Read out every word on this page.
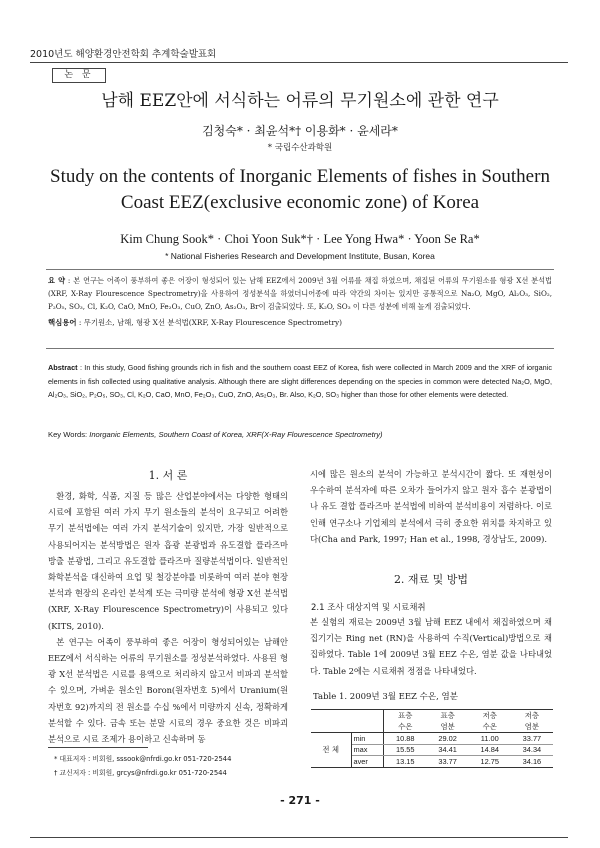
2010년도 해양환경안전학회 추계학술발표회
논 문
남해 EEZ안에 서식하는 어류의 무기원소에 관한 연구
김청숙* · 최윤석*† 이용화* · 윤세라*
* 국립수산과학원
Study on the contents of Inorganic Elements of fishes in Southern
Coast EEZ(exclusive economic zone) of Korea
Kim Chung Sook* · Choi Yoon Suk*† · Lee Yong Hwa* · Yoon Se Ra*
* National Fisheries Research and Development Institute, Busan, Korea
요 약 : 본 연구는 어족이 풍부하여 좋은 어장이 형성되어 있는 남해 EEZ에서 2009년 3월 어류를 채집 하였으며, 채집된 어류의 무기원소를 형광 X선 분석법(XRF, X-Ray Flourescence Spectrometry)을 사용하여 정성분석을 하였더니어종에 따라 약간의 차이는 있지만 공통적으로 Na₂O, MgO, Al₂O₃, SiO₂, P₂O₅, SO₃, Cl, K₂O, CaO, MnO, Fe₂O₃, CuO, ZnO, As₂O₃, Br이 검출되었다. 또, K₂O, SO₃ 이 다른 성분에 비해 높게 검출되었다.
핵심용어 : 무기원소, 남해, 형광 X선 분석법(XRF, X-Ray Flourescence Spectrometry)
Abstract : In this study, Good fishing grounds rich in fish and the southern coast EEZ of Korea, fish were collected in March 2009 and the XRF of iorganic elements in fish collected using qualitative analysis. Although there are slight differences depending on the species in common were detected Na₂O, MgO, Al₂O₃, SiO₂, P₂O₅, SO₃, Cl, K₂O, CaO, MnO, Fe₂O₃, CuO, ZnO, As₂O₃, Br. Also, K₂O, SO₃ higher than those for other elements were detected.
Key Words: Inorganic Elements, Southern Coast of Korea, XRF(X-Ray Flourescence Spectrometry)
1. 서 론

환경, 화학, 식품, 지질 등 많은 산업분야에서는 다양한 형태의 시료에 포함된 여러 가지 무기 원소들의 분석이 요구되고 어려한 무기 분석법에는 여러 가지 분석기술이 있지만, 가장 일반적으로 사용되어지는 분석방법은 원자 흡광 분광법과 유도결합 플라즈마 방출 분광법, 그리고 유도결합 플라즈마 질량분석법이다. 일반적인 화학분석을 대신하여 요업 및 철강분야를 비롯하여 여러 분야 현장분석과 현장의 온라인 분석계 또는 극미량 분석에 형광 X선 분석법(XRF, X-Ray Flourescence Spectrometry)이 사용되고 있다(KITS, 2010).

본 연구는 어족이 풍부하여 좋은 어장이 형성되어있는 남해안 EEZ에서 서식하는 어류의 무기원소를 정성분석하였다. 사용된 형광 X선 분석법은 시료를 용액으로 처리하지 않고서 비파괴 분석할 수 있으며, 가벼운 원소인 Boron(원자번호 5)에서 Uranium(원자번호 92)까지의 전 원소를 수십 %에서 미량까지 신속, 정확하게 분석할 수 있다. 금속 또는 분말 시료의 경우 중요한 것은 비파괴 분석으로 시료 조제가 용이하고 신속하며 동

* 대표저자 : 비회원, sssook@nfrdi.go.kr 051-720-2544
† 교신저자 : 비회원, grcys@nfrdi.go.kr 051-720-2544
시에 많은 원소의 분석이 가능하고 분석시간이 짧다. 또 재현성이 우수하여 분석자에 따른 오차가 들어가지 않고 원자 흡수 분광법이나 유도 결합 플라즈마 분석법에 비하여 분석비용이 저렴하다. 이로 인해 연구소나 기업체의 분석에서 극히 중요한 위치를 차지하고 있다(Cha and Park, 1997; Han et al., 1998, 경상남도, 2009).
2. 재료 및 방법
2.1 조사 대상지역 및 시료채취
본 실험의 재료는 2009년 3월 남해 EEZ 내에서 채집하였으며 채집기기는 Ring net (RN)을 사용하여 수직(Vertical)방법으로 채집하였다. Table 1에 2009년 3월 EEZ 수온, 염분 값을 나타내었다. Table 2에는 시료채취 정점을 나타내었다.
Table 1. 2009년 3월 EEZ 수온, 염분
		표층	표층	저층	저층
		수온	염분	수온	염분
전 체	min	10.88	29.02	11.00	33.77
	max	15.55	34.41	14.84	34.34
	aver	13.15	33.77	12.75	34.16
- 271 -
